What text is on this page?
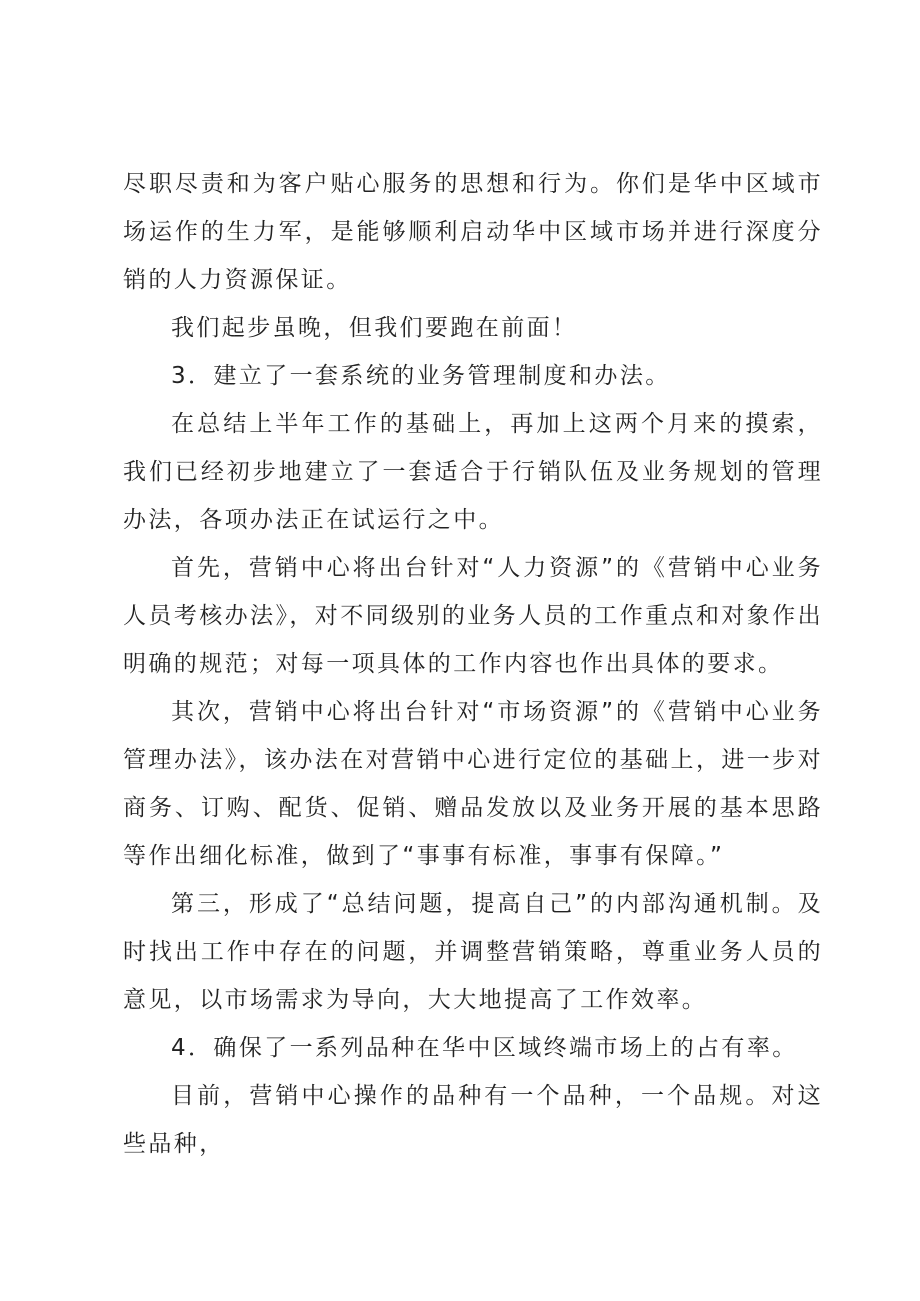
尽职尽责和为客户贴心服务的思想和行为。你们是华中区域市场运作的生力军，是能够顺利启动华中区域市场并进行深度分销的人力资源保证。

我们起步虽晚，但我们要跑在前面！

3．建立了一套系统的业务管理制度和办法。

在总结上半年工作的基础上，再加上这两个月来的摸索，我们已经初步地建立了一套适合于行销队伍及业务规划的管理办法，各项办法正在试运行之中。

首先，营销中心将出台针对“人力资源”的《营销中心业务人员考核办法》，对不同级别的业务人员的工作重点和对象作出明确的规范；对每一项具体的工作内容也作出具体的要求。

其次，营销中心将出台针对“市场资源”的《营销中心业务管理办法》，该办法在对营销中心进行定位的基础上，进一步对商务、订购、配货、促销、赠品发放以及业务开展的基本思路等作出细化标准，做到了“事事有标准，事事有保障。”

第三，形成了“总结问题，提高自己”的内部沟通机制。及时找出工作中存在的问题，并调整营销策略，尊重业务人员的意见，以市场需求为导向，大大地提高了工作效率。

4．确保了一系列品种在华中区域终端市场上的占有率。

目前，营销中心操作的品种有一个品种，一个品规。对这些品种，
